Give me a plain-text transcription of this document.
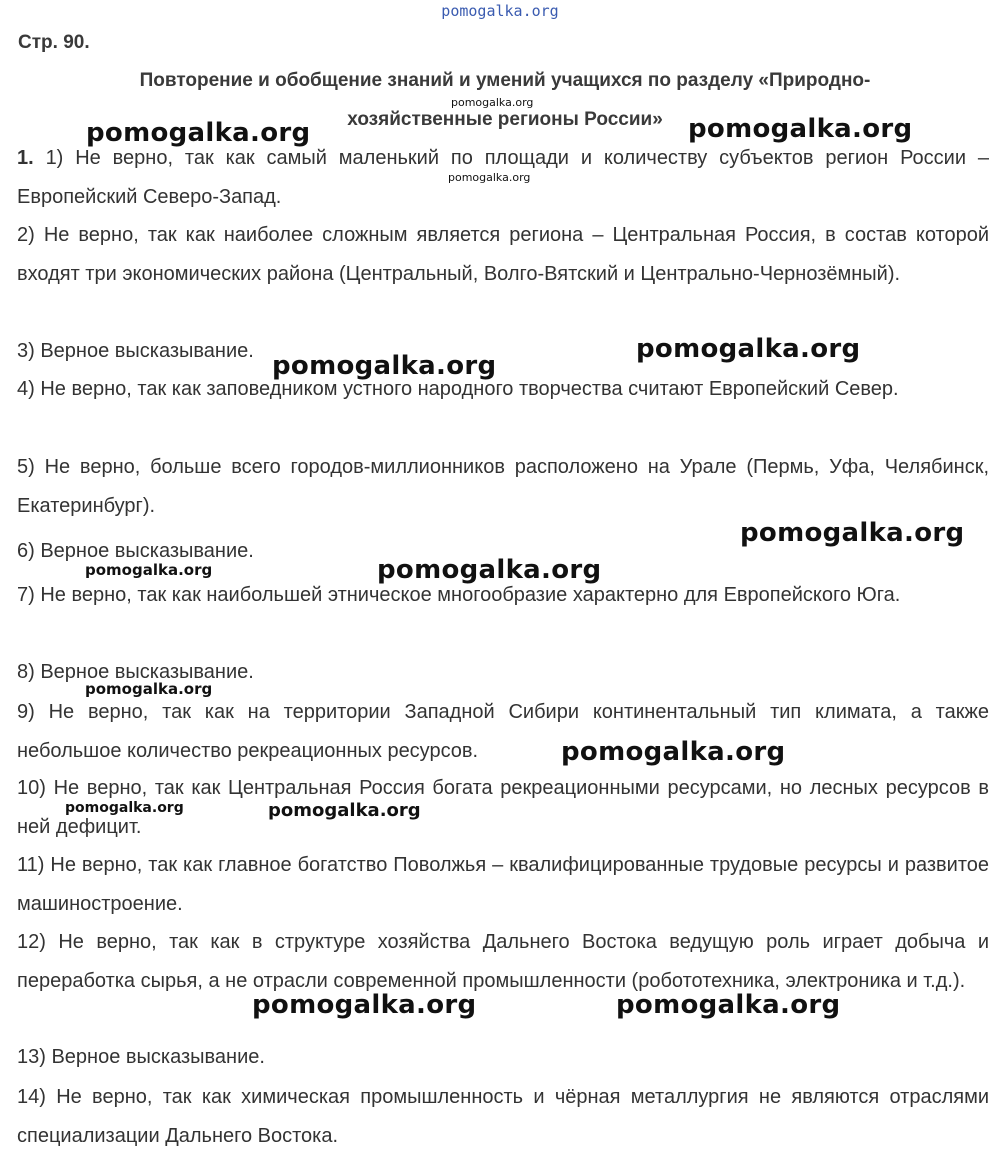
pomogalka.org
Стр. 90.
Повторение и обобщение знаний и умений учащихся по разделу «Природно-
хозяйственные регионы России»
1. 1) Не верно, так как самый маленький по площади и количеству субъектов регион России – Европейский Северо-Запад.
2) Не верно, так как наиболее сложным является региона – Центральная Россия, в состав которой входят три экономических района (Центральный, Волго-Вятский и Центрально-Чернозёмный).
3) Верное высказывание.
4) Не верно, так как заповедником устного народного творчества считают Европейский Север.
5) Не верно, больше всего городов-миллионников расположено на Урале (Пермь, Уфа, Челябинск, Екатеринбург).
6) Верное высказывание.
7) Не верно, так как наибольшей этническое многообразие характерно для Европейского Юга.
8) Верное высказывание.
9) Не верно, так как на территории Западной Сибири континентальный тип климата, а также небольшое количество рекреационных ресурсов.
10) Не верно, так как Центральная Россия богата рекреационными ресурсами, но лесных ресурсов в ней дефицит.
11) Не верно, так как главное богатство Поволжья – квалифицированные трудовые ресурсы и развитое машиностроение.
12) Не верно, так как в структуре хозяйства Дальнего Востока ведущую роль играет добыча и переработка сырья, а не отрасли современной промышленности (робототехника, электроника и т.д.).
13) Верное высказывание.
14) Не верно, так как химическая промышленность и чёрная металлургия не являются отраслями специализации Дальнего Востока.
pomogalka.org
pomogalka.org
pomogalka.org	pomogalka.org
pomogalka.org
pomogalka.org
pomogalka.org
pomogalka.org	pomogalka.org
pomogalka.org
pomogalka.org
pomogalka.org	pomogalka.org
pomogalka.org	pomogalka.org
